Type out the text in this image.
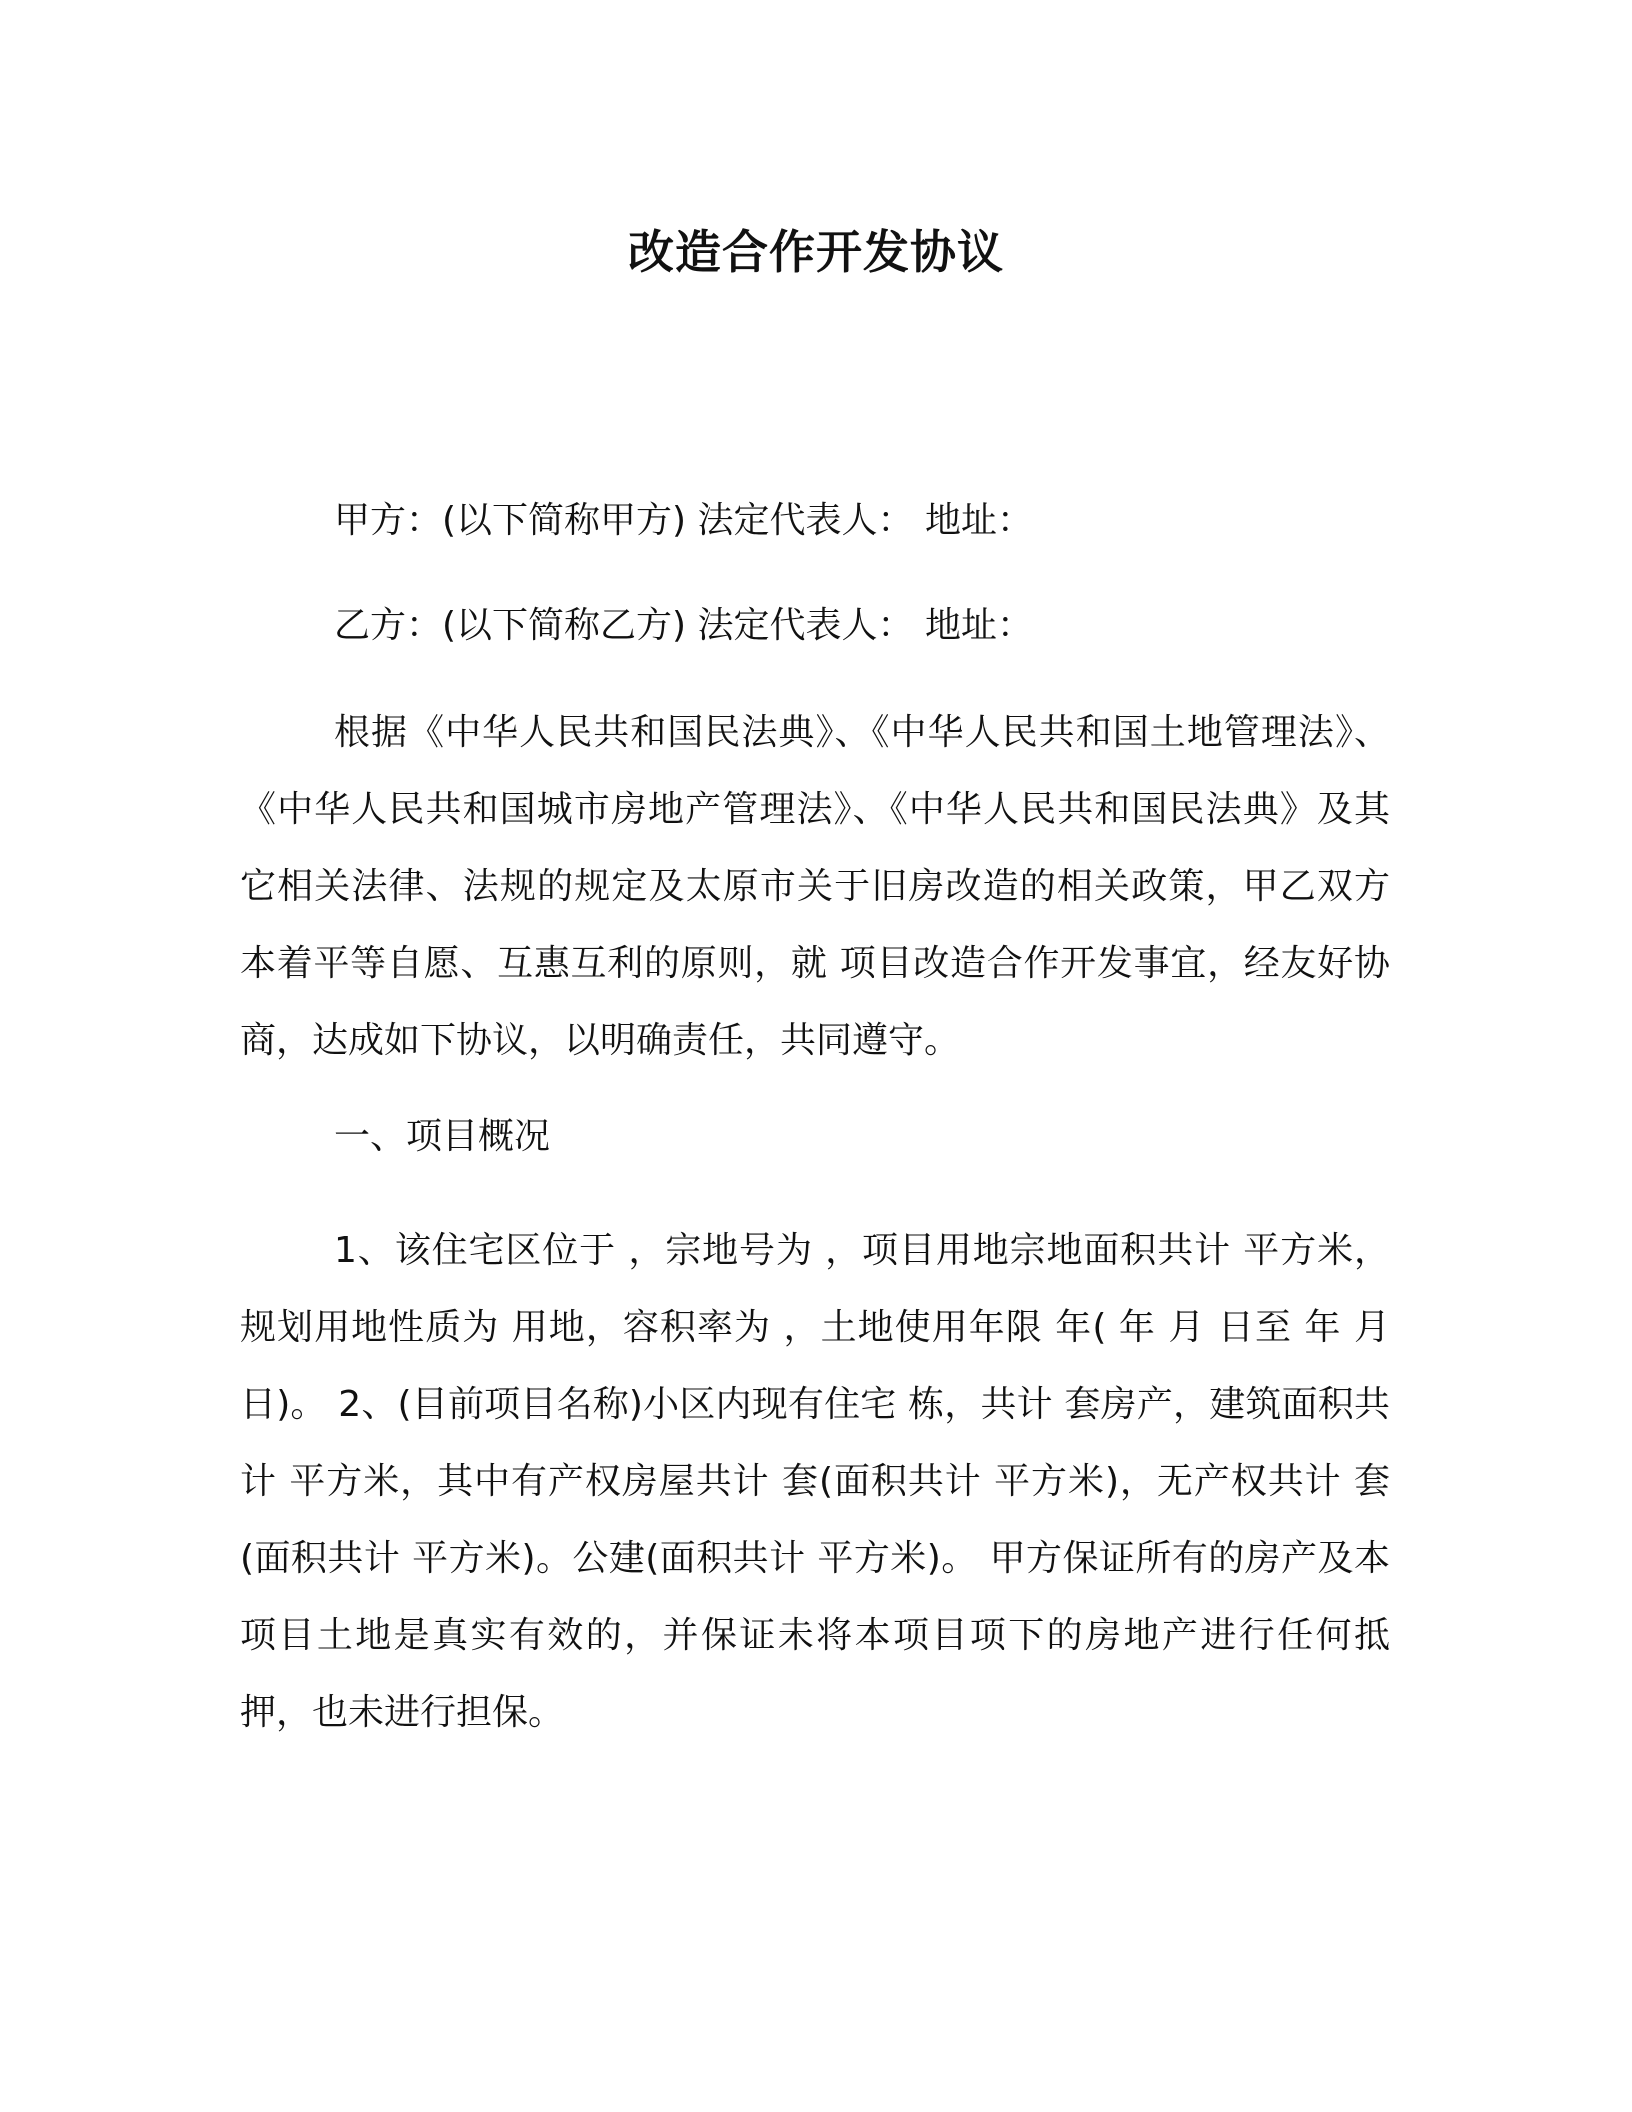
改造合作开发协议
甲方：(以下简称甲方) 法定代表人： 地址：
乙方：(以下简称乙方) 法定代表人： 地址：

根据《中华人民共和国民法典》、《中华人民共和国土地管理法》、《中华人民共和国城市房地产管理法》、《中华人民共和国民法典》及其它相关法律、法规的规定及太原市关于旧房改造的相关政策，甲乙双方本着平等自愿、互惠互利的原则，就 项目改造合作开发事宜，经友好协商，达成如下协议，以明确责任，共同遵守。

一、项目概况

1、该住宅区位于 ，宗地号为 ，项目用地宗地面积共计 平方米，规划用地性质为 用地，容积率为 ，土地使用年限 年( 年 月 日至 年 月 日)。 2、(目前项目名称)小区内现有住宅 栋，共计 套房产，建筑面积共计 平方米，其中有产权房屋共计 套(面积共计 平方米)，无产权共计 套(面积共计 平方米)。公建(面积共计 平方米)。 甲方保证所有的房产及本项目土地是真实有效的，并保证未将本项目项下的房地产进行任何抵押，也未进行担保。
